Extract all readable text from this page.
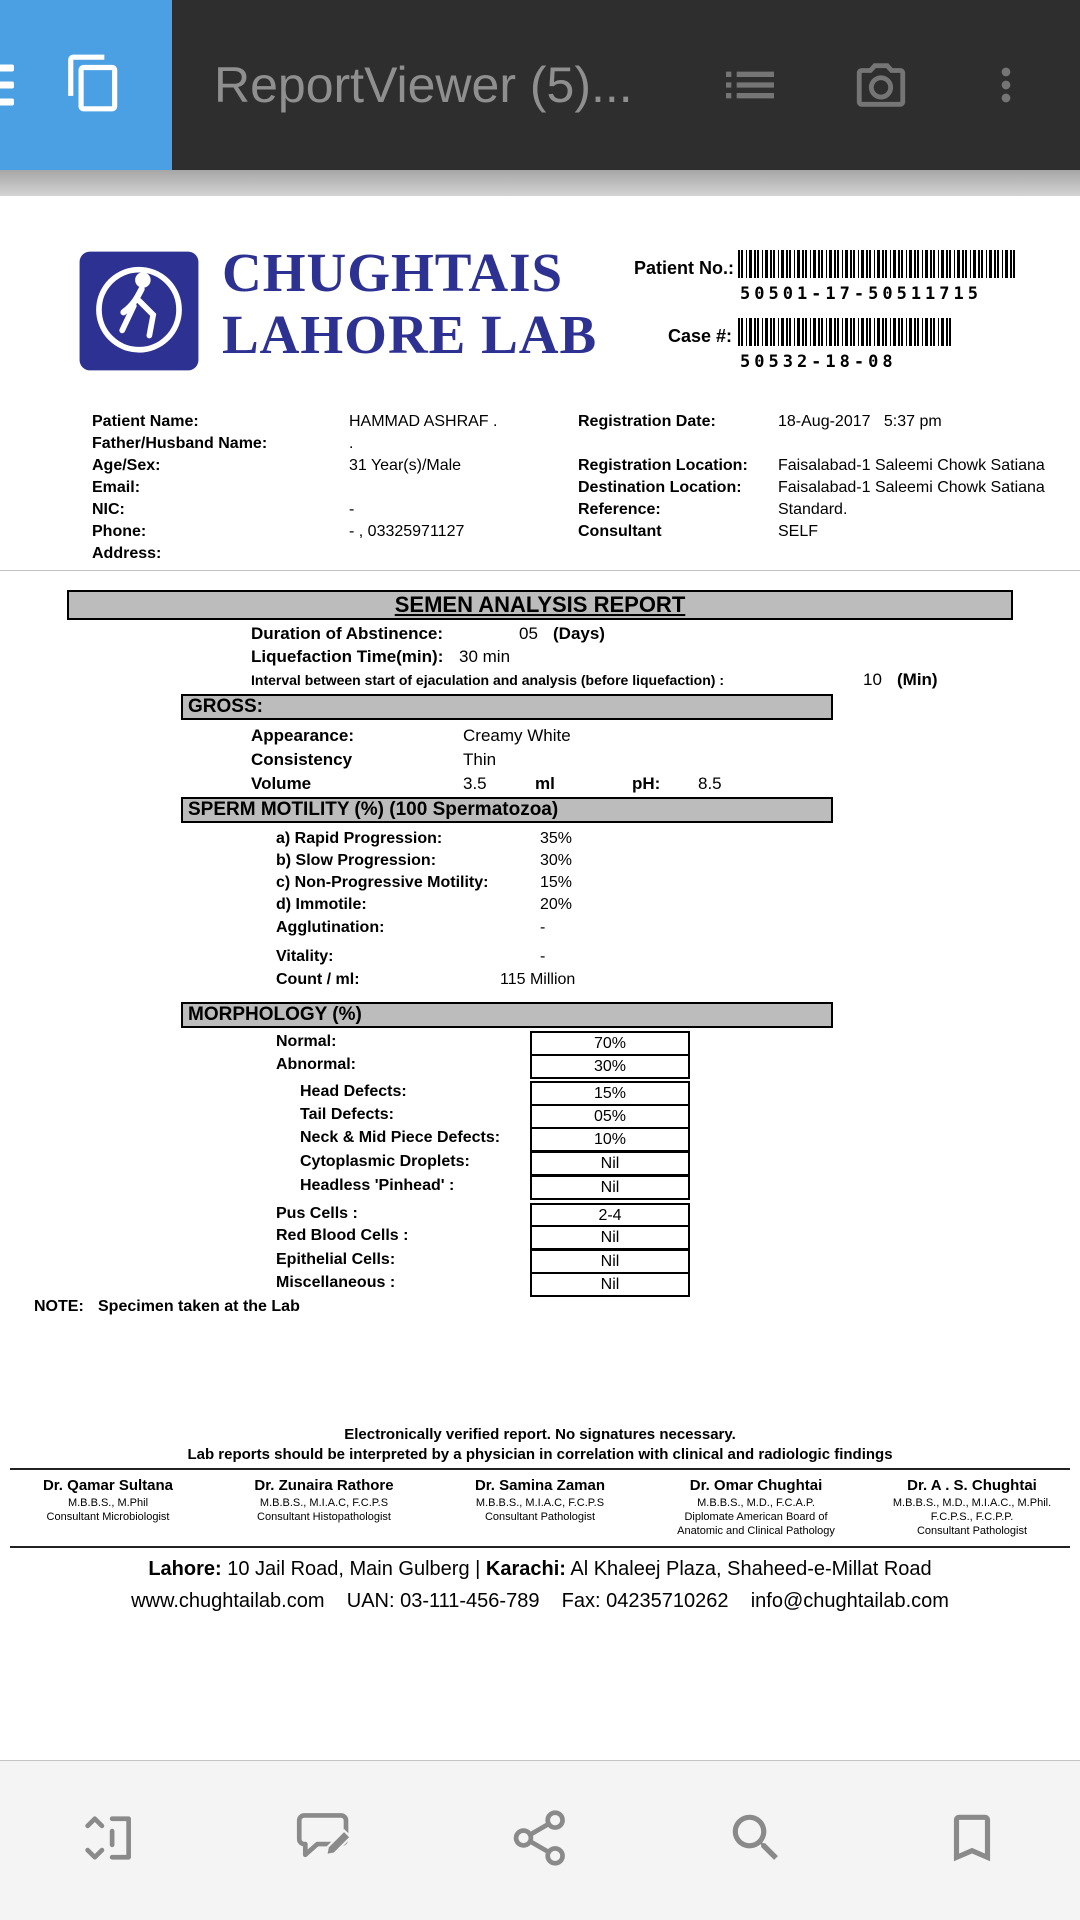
ReportViewer (5)...
CHUGHTAIS
LAHORE LAB
Patient No.:
50501-17-50511715
Case #:
50532-18-08
Patient Name:	HAMMAD ASHRAF .
Father/Husband Name:	.
Age/Sex:	31 Year(s)/Male
Email:
NIC:	-
Phone:	- , 03325971127
Address:
Registration Date:	18-Aug-2017   5:37 pm
Registration Location: Faisalabad-1 Saleemi Chowk Satiana
Destination Location: Faisalabad-1 Saleemi Chowk Satiana
Reference:	Standard.
Consultant	SELF
SEMEN ANALYSIS REPORT
Duration of Abstinence:	05 (Days)
Liquefaction Time(min): 30 min
Interval between start of ejaculation and analysis (before liquefaction) :	10 (Min)
GROSS:
Appearance:	Creamy White
Consistency	Thin
Volume	3.5	ml	pH: 8.5
SPERM MOTILITY (%) (100 Spermatozoa)
a) Rapid Progression:	35%
b) Slow Progression:	30%
c) Non-Progressive Motility:	15%
d) Immotile:	20%
Agglutination:	-
Vitality:	-
Count / ml:	115 Million
MORPHOLOGY (%)
Normal:	70%
Abnormal:	30%
Head Defects:	15%
Tail Defects:	05%
Neck & Mid Piece Defects:	10%
Cytoplasmic Droplets:	Nil
Headless 'Pinhead' :	Nil
Pus Cells :	2-4
Red Blood Cells :	Nil
Epithelial Cells:	Nil
Miscellaneous :	Nil
NOTE: Specimen taken at the Lab
Electronically verified report. No signatures necessary.
Lab reports should be interpreted by a physician in correlation with clinical and radiologic findings
Dr. Qamar Sultana
M.B.B.S., M.Phil
Consultant Microbiologist
Dr. Zunaira Rathore
M.B.B.S., M.I.A.C, F.C.P.S
Consultant Histopathologist
Dr. Samina Zaman
M.B.B.S., M.I.A.C, F.C.P.S
Consultant Pathologist
Dr. Omar Chughtai
M.B.B.S., M.D., F.C.A.P.
Diplomate American Board of
Anatomic and Clinical Pathology
Dr. A . S. Chughtai
M.B.B.S., M.D., M.I.A.C., M.Phil.
F.C.P.S., F.C.P.P.
Consultant Pathologist
Lahore: 10 Jail Road, Main Gulberg | Karachi: Al Khaleej Plaza, Shaheed-e-Millat Road
www.chughtailab.com    UAN: 03-111-456-789    Fax: 04235710262    info@chughtailab.com
